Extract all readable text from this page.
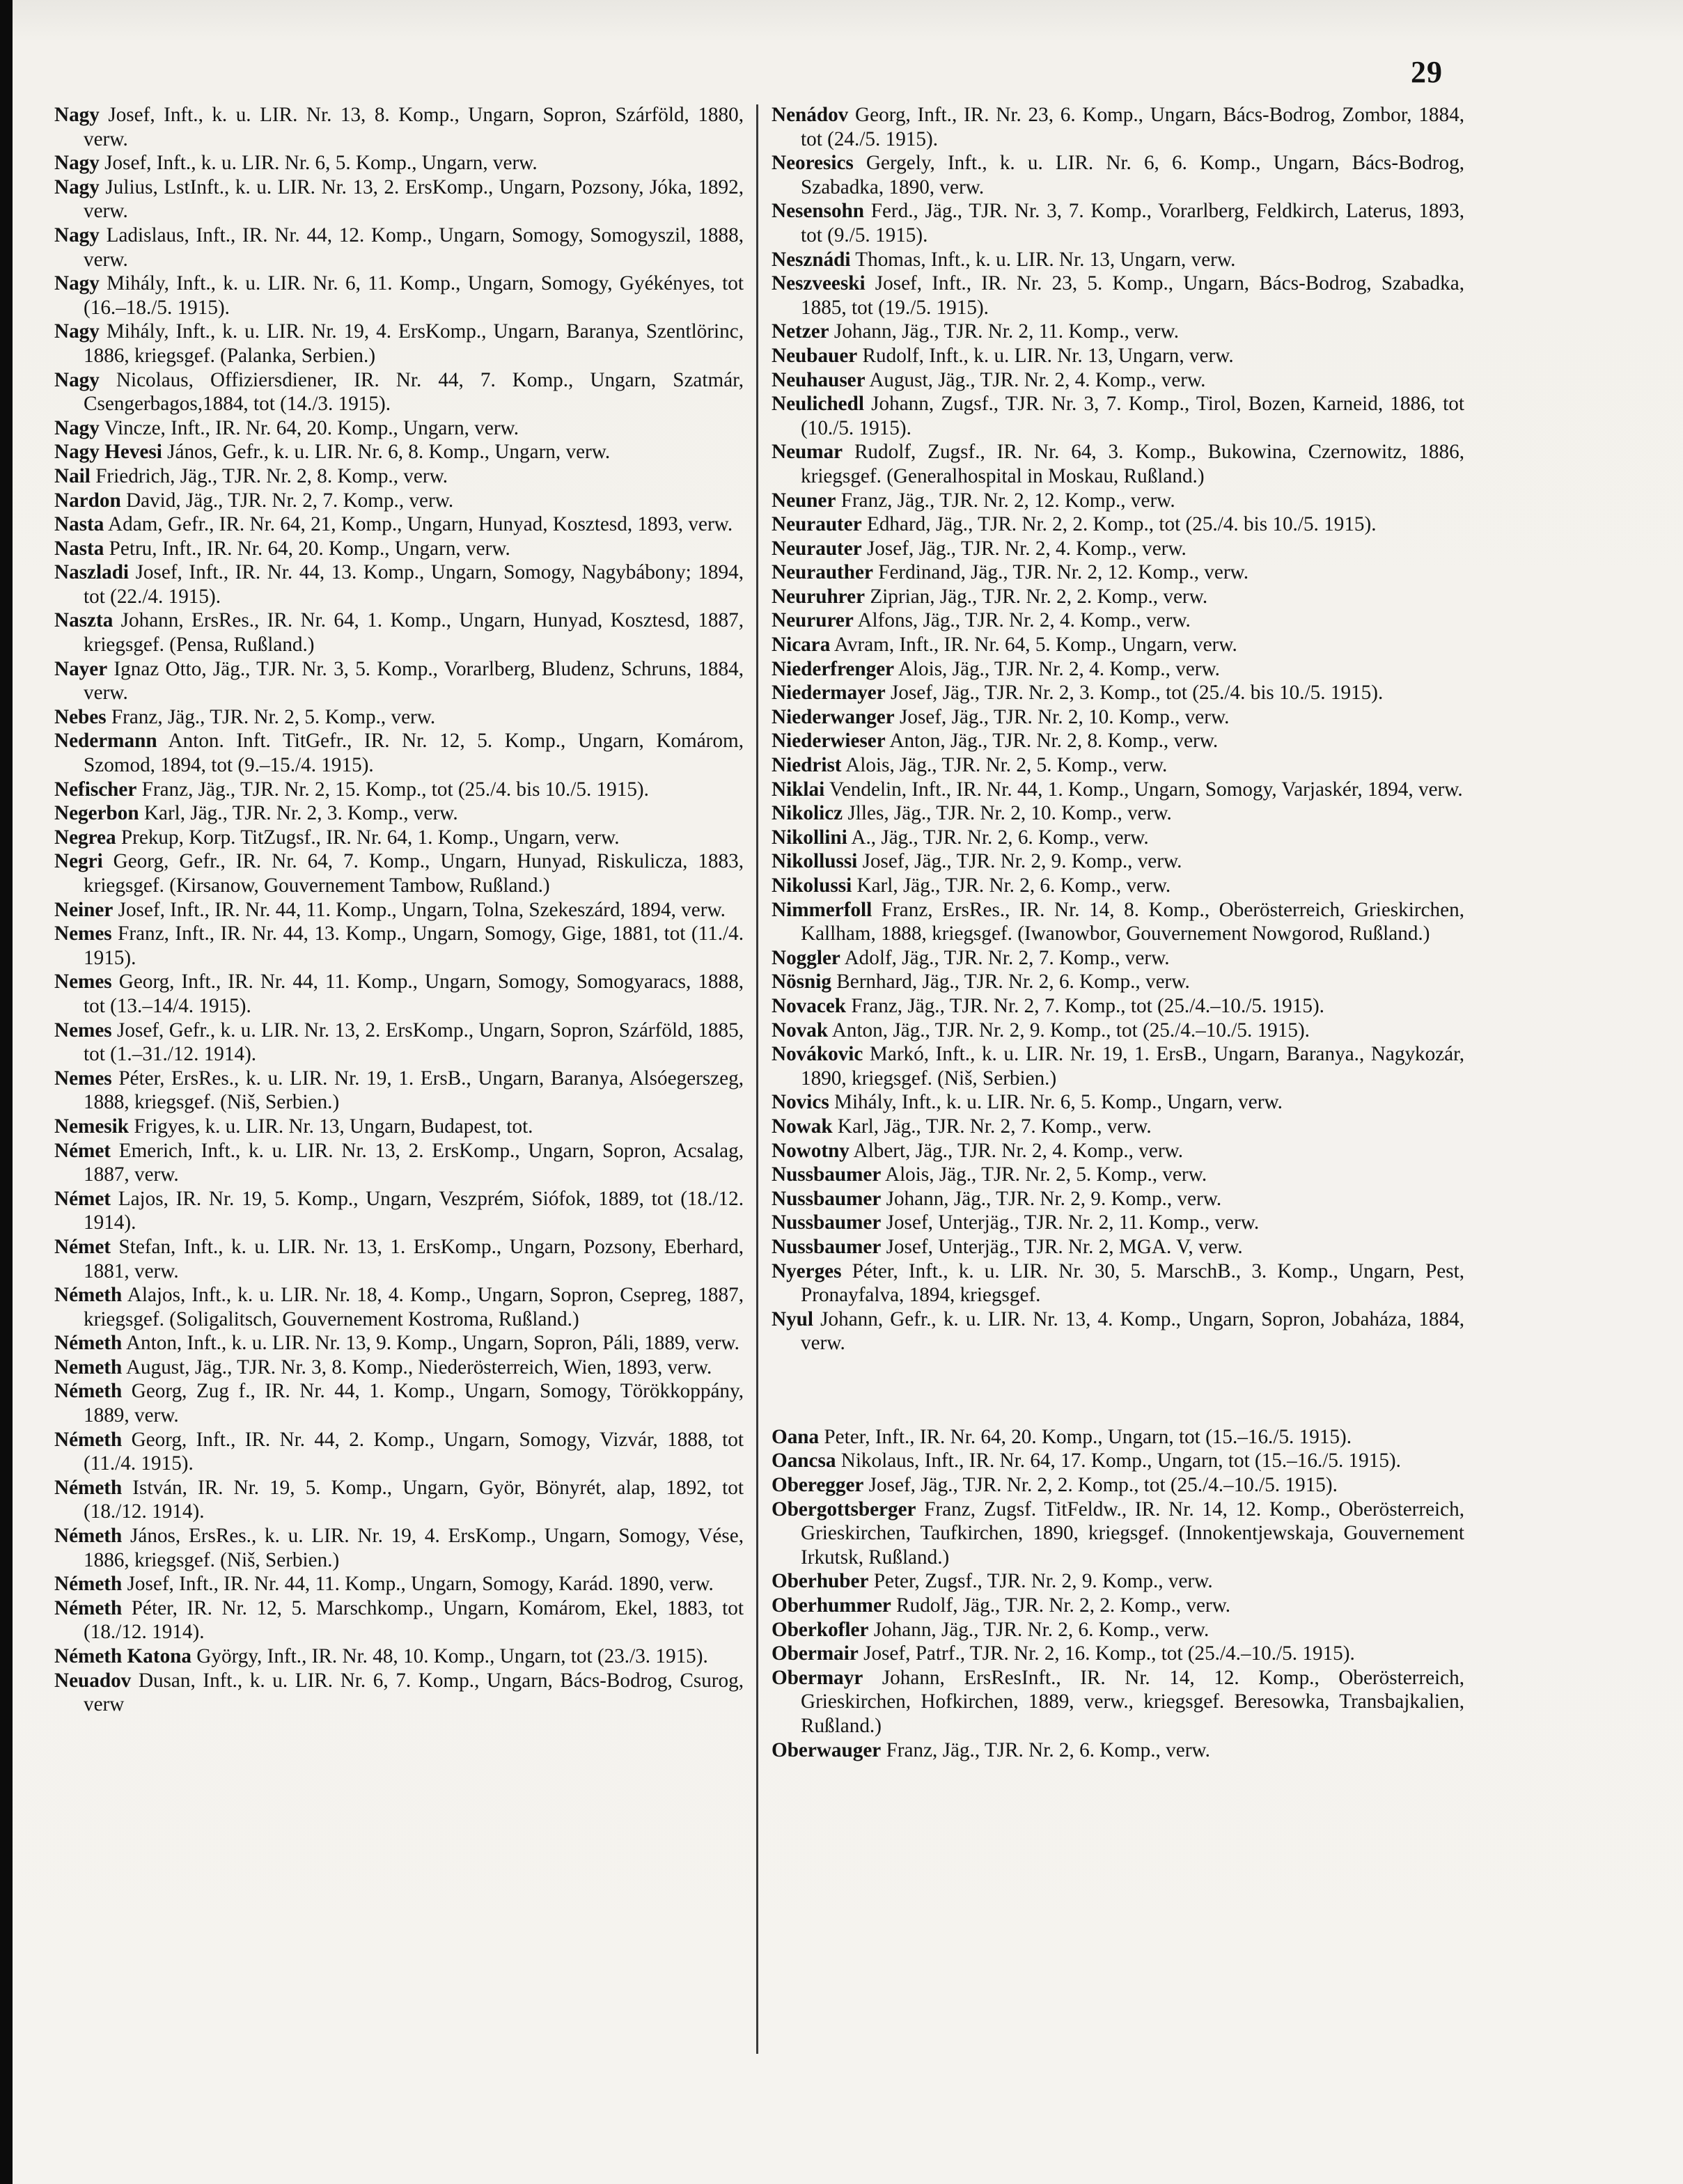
29

Nagy Josef, Inft., k. u. LIR. Nr. 13, 8. Komp., Ungarn, Sopron, Szárföld, 1880, verw.

Nagy Josef, Inft., k. u. LIR. Nr. 6, 5. Komp., Ungarn, verw.

Nagy Julius, LstInft., k. u. LIR. Nr. 13, 2. ErsKomp., Ungarn, Pozsony, Jóka, 1892, verw.

Nagy Ladislaus, Inft., IR. Nr. 44, 12. Komp., Ungarn, Somogy, Somogyszil, 1888, verw.

Nagy Mihály, Inft., k. u. LIR. Nr. 6, 11. Komp., Ungarn, Somogy, Gyékényes, tot (16.–18./5. 1915).

Nagy Mihály, Inft., k. u. LIR. Nr. 19, 4. ErsKomp., Ungarn, Baranya, Szentlörinc, 1886, kriegsgef. (Palanka, Serbien.)

Nagy Nicolaus, Offiziersdiener, IR. Nr. 44, 7. Komp., Ungarn, Szatmár, Csengerbagos,1884, tot (14./3. 1915).

Nagy Vincze, Inft., IR. Nr. 64, 20. Komp., Ungarn, verw.

Nagy Hevesi János, Gefr., k. u. LIR. Nr. 6, 8. Komp., Ungarn, verw.

Nail Friedrich, Jäg., TJR. Nr. 2, 8. Komp., verw.

Nardon David, Jäg., TJR. Nr. 2, 7. Komp., verw.

Nasta Adam, Gefr., IR. Nr. 64, 21, Komp., Ungarn, Hunyad, Kosztesd, 1893, verw.

Nasta Petru, Inft., IR. Nr. 64, 20. Komp., Ungarn, verw.

Naszladi Josef, Inft., IR. Nr. 44, 13. Komp., Ungarn, Somogy, Nagybábony; 1894, tot (22./4. 1915).

Naszta Johann, ErsRes., IR. Nr. 64, 1. Komp., Ungarn, Hunyad, Kosztesd, 1887, kriegsgef. (Pensa, Rußland.)

Nayer Ignaz Otto, Jäg., TJR. Nr. 3, 5. Komp., Vorarlberg, Bludenz, Schruns, 1884, verw.

Nebes Franz, Jäg., TJR. Nr. 2, 5. Komp., verw.

Nedermann Anton. Inft. TitGefr., IR. Nr. 12, 5. Komp., Ungarn, Komárom, Szomod, 1894, tot (9.–15./4. 1915).

Nefischer Franz, Jäg., TJR. Nr. 2, 15. Komp., tot (25./4. bis 10./5. 1915).

Negerbon Karl, Jäg., TJR. Nr. 2, 3. Komp., verw.

Negrea Prekup, Korp. TitZugsf., IR. Nr. 64, 1. Komp., Ungarn, verw.

Negri Georg, Gefr., IR. Nr. 64, 7. Komp., Ungarn, Hunyad, Riskulicza, 1883, kriegsgef. (Kirsanow, Gouvernement Tambow, Rußland.)

Neiner Josef, Inft., IR. Nr. 44, 11. Komp., Ungarn, Tolna, Szekeszárd, 1894, verw.

Nemes Franz, Inft., IR. Nr. 44, 13. Komp., Ungarn, Somogy, Gige, 1881, tot (11./4. 1915).

Nemes Georg, Inft., IR. Nr. 44, 11. Komp., Ungarn, Somogy, Somogyaracs, 1888, tot (13.–14/4. 1915).

Nemes Josef, Gefr., k. u. LIR. Nr. 13, 2. ErsKomp., Ungarn, Sopron, Szárföld, 1885, tot (1.–31./12. 1914).

Nemes Péter, ErsRes., k. u. LIR. Nr. 19, 1. ErsB., Ungarn, Baranya, Alsóegerszeg, 1888, kriegsgef. (Niš, Serbien.)

Nemesik Frigyes, k. u. LIR. Nr. 13, Ungarn, Budapest, tot.

Német Emerich, Inft., k. u. LIR. Nr. 13, 2. ErsKomp., Ungarn, Sopron, Acsalag, 1887, verw.

Német Lajos, IR. Nr. 19, 5. Komp., Ungarn, Veszprém, Siófok, 1889, tot (18./12. 1914).

Német Stefan, Inft., k. u. LIR. Nr. 13, 1. ErsKomp., Ungarn, Pozsony, Eberhard, 1881, verw.

Németh Alajos, Inft., k. u. LIR. Nr. 18, 4. Komp., Ungarn, Sopron, Csepreg, 1887, kriegsgef. (Soligalitsch, Gouvernement Kostroma, Rußland.)

Németh Anton, Inft., k. u. LIR. Nr. 13, 9. Komp., Ungarn, Sopron, Páli, 1889, verw.

Nemeth August, Jäg., TJR. Nr. 3, 8. Komp., Niederösterreich, Wien, 1893, verw.

Németh Georg, Zug f., IR. Nr. 44, 1. Komp., Ungarn, Somogy, Törökkoppány, 1889, verw.

Németh Georg, Inft., IR. Nr. 44, 2. Komp., Ungarn, Somogy, Vizvár, 1888, tot (11./4. 1915).

Németh István, IR. Nr. 19, 5. Komp., Ungarn, Györ, Bönyrét, alap, 1892, tot (18./12. 1914).

Németh János, ErsRes., k. u. LIR. Nr. 19, 4. ErsKomp., Ungarn, Somogy, Vése, 1886, kriegsgef. (Niš, Serbien.)

Németh Josef, Inft., IR. Nr. 44, 11. Komp., Ungarn, Somogy, Karád. 1890, verw.

Németh Péter, IR. Nr. 12, 5. Marschkomp., Ungarn, Komárom, Ekel, 1883, tot (18./12. 1914).

Németh Katona György, Inft., IR. Nr. 48, 10. Komp., Ungarn, tot (23./3. 1915).

Neuadov Dusan, Inft., k. u. LIR. Nr. 6, 7. Komp., Ungarn, Bács-Bodrog, Csurog, verw

Nenádov Georg, Inft., IR. Nr. 23, 6. Komp., Ungarn, Bács-Bodrog, Zombor, 1884, tot (24./5. 1915).

Neoresics Gergely, Inft., k. u. LIR. Nr. 6, 6. Komp., Ungarn, Bács-Bodrog, Szabadka, 1890, verw.

Nesensohn Ferd., Jäg., TJR. Nr. 3, 7. Komp., Vorarlberg, Feldkirch, Laterus, 1893, tot (9./5. 1915).

Nesznádi Thomas, Inft., k. u. LIR. Nr. 13, Ungarn, verw.

Neszveeski Josef, Inft., IR. Nr. 23, 5. Komp., Ungarn, Bács-Bodrog, Szabadka, 1885, tot (19./5. 1915).

Netzer Johann, Jäg., TJR. Nr. 2, 11. Komp., verw.

Neubauer Rudolf, Inft., k. u. LIR. Nr. 13, Ungarn, verw.

Neuhauser August, Jäg., TJR. Nr. 2, 4. Komp., verw.

Neulichedl Johann, Zugsf., TJR. Nr. 3, 7. Komp., Tirol, Bozen, Karneid, 1886, tot (10./5. 1915).

Neumar Rudolf, Zugsf., IR. Nr. 64, 3. Komp., Bukowina, Czernowitz, 1886, kriegsgef. (Generalhospital in Moskau, Rußland.)

Neuner Franz, Jäg., TJR. Nr. 2, 12. Komp., verw.

Neurauter Edhard, Jäg., TJR. Nr. 2, 2. Komp., tot (25./4. bis 10./5. 1915).

Neurauter Josef, Jäg., TJR. Nr. 2, 4. Komp., verw.

Neurauther Ferdinand, Jäg., TJR. Nr. 2, 12. Komp., verw.

Neuruhrer Ziprian, Jäg., TJR. Nr. 2, 2. Komp., verw.

Neururer Alfons, Jäg., TJR. Nr. 2, 4. Komp., verw.

Nicara Avram, Inft., IR. Nr. 64, 5. Komp., Ungarn, verw.

Niederfrenger Alois, Jäg., TJR. Nr. 2, 4. Komp., verw.

Niedermayer Josef, Jäg., TJR. Nr. 2, 3. Komp., tot (25./4. bis 10./5. 1915).

Niederwanger Josef, Jäg., TJR. Nr. 2, 10. Komp., verw.

Niederwieser Anton, Jäg., TJR. Nr. 2, 8. Komp., verw.

Niedrist Alois, Jäg., TJR. Nr. 2, 5. Komp., verw.

Niklai Vendelin, Inft., IR. Nr. 44, 1. Komp., Ungarn, Somogy, Varjaskér, 1894, verw.

Nikolicz Jlles, Jäg., TJR. Nr. 2, 10. Komp., verw.

Nikollini A., Jäg., TJR. Nr. 2, 6. Komp., verw.

Nikollussi Josef, Jäg., TJR. Nr. 2, 9. Komp., verw.

Nikolussi Karl, Jäg., TJR. Nr. 2, 6. Komp., verw.

Nimmerfoll Franz, ErsRes., IR. Nr. 14, 8. Komp., Oberösterreich, Grieskirchen, Kallham, 1888, kriegsgef. (Iwanowbor, Gouvernement Nowgorod, Rußland.)

Noggler Adolf, Jäg., TJR. Nr. 2, 7. Komp., verw.

Nösnig Bernhard, Jäg., TJR. Nr. 2, 6. Komp., verw.

Novacek Franz, Jäg., TJR. Nr. 2, 7. Komp., tot (25./4.–10./5. 1915).

Novak Anton, Jäg., TJR. Nr. 2, 9. Komp., tot (25./4.–10./5. 1915).

Novákovic Markó, Inft., k. u. LIR. Nr. 19, 1. ErsB., Ungarn, Baranya., Nagykozár, 1890, kriegsgef. (Niš, Serbien.)

Novics Mihály, Inft., k. u. LIR. Nr. 6, 5. Komp., Ungarn, verw.

Nowak Karl, Jäg., TJR. Nr. 2, 7. Komp., verw.

Nowotny Albert, Jäg., TJR. Nr. 2, 4. Komp., verw.

Nussbaumer Alois, Jäg., TJR. Nr. 2, 5. Komp., verw.

Nussbaumer Johann, Jäg., TJR. Nr. 2, 9. Komp., verw.

Nussbaumer Josef, Unterjäg., TJR. Nr. 2, 11. Komp., verw.

Nussbaumer Josef, Unterjäg., TJR. Nr. 2, MGA. V, verw.

Nyerges Péter, Inft., k. u. LIR. Nr. 30, 5. MarschB., 3. Komp., Ungarn, Pest, Pronayfalva, 1894, kriegsgef.

Nyul Johann, Gefr., k. u. LIR. Nr. 13, 4. Komp., Ungarn, Sopron, Jobaháza, 1884, verw.

Oana Peter, Inft., IR. Nr. 64, 20. Komp., Ungarn, tot (15.–16./5. 1915).

Oancsa Nikolaus, Inft., IR. Nr. 64, 17. Komp., Ungarn, tot (15.–16./5. 1915).

Oberegger Josef, Jäg., TJR. Nr. 2, 2. Komp., tot (25./4.–10./5. 1915).

Obergottsberger Franz, Zugsf. TitFeldw., IR. Nr. 14, 12. Komp., Oberösterreich, Grieskirchen, Taufkirchen, 1890, kriegsgef. (Innokentjewskaja, Gouvernement Irkutsk, Rußland.)

Oberhuber Peter, Zugsf., TJR. Nr. 2, 9. Komp., verw.

Oberhummer Rudolf, Jäg., TJR. Nr. 2, 2. Komp., verw.

Oberkofler Johann, Jäg., TJR. Nr. 2, 6. Komp., verw.

Obermair Josef, Patrf., TJR. Nr. 2, 16. Komp., tot (25./4.–10./5. 1915).

Obermayr Johann, ErsResInft., IR. Nr. 14, 12. Komp., Oberösterreich, Grieskirchen, Hofkirchen, 1889, verw., kriegsgef. Beresowka, Transbajkalien, Rußland.)

Oberwauger Franz, Jäg., TJR. Nr. 2, 6. Komp., verw.
